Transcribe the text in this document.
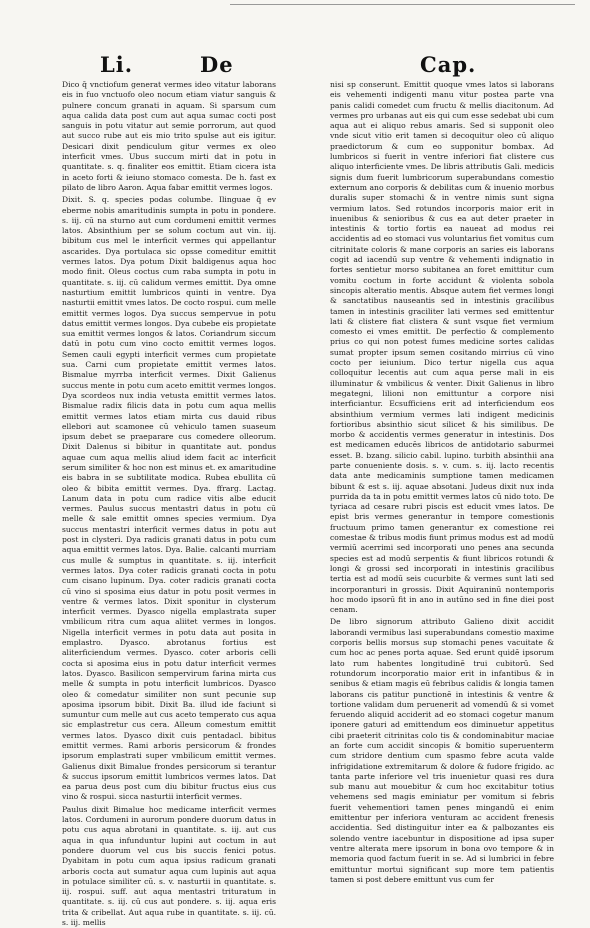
Li.	De	Cap.

Dico q̄ vnctiofum generat vermes ideo vitatur laborans eis in fuo vnctuofo oleo nocum etiam viatur sanguis & pulnere concum granati in aquam. Si sparsum cum aqua calida data post cum aut aqua sumac cocti post sanguis in potu vitatur aut semie porrorum, aut quod aut succo rube aut eis mio trito spulse aut eis igitur. Desicari dixit pendiculum gitur vermes ex oleo interficit vmes. Ubus succum mirti dat in potu in quantitate. s. q. finaliter eos emittit. Etiam cicera ista in aceto forti & ieiuno stomaco comesta. De h. fast ex pilato de libro Aaron. Aqua fabar emittit vermes logos.

Dixit. S. q. species podas columbe. Ilinguae q̄ ev eberme nobis amaritudinis sumpta in potu in pondere. s. iij. cū na sturno aut cum cordumeni emittit vermes latos. Absinthium per se solum coctum aut vin. iij. bibitum cus mel le interficit vermes qui appellantur ascarides. Dya portulaca sic opsse comeditur emittit vermes latos. Dya potum Dixit baldigenus aqua hoc modo finit. Oleus coctus cum raba sumpta in potu in quantitate. s. iij. cū calidum vermes emittit. Dya omne nasturtium emittit lumbricos quinti in ventre. Dya nasturtii emittit vmes latos. De cocto rospui. cum melle emittit vermes logos. Dya succus sempervue in potu datus emittit vermes longos. Dya cubebe eis propietate sua emittit vermes longos & latos. Coriandrum siccum datū in potu cum vino cocto emittit vermes logos. Semen cauli egypti interficit vermes cum propietate sua. Carni cum propietate emittit vermes latos. Bismalue myrrba interficit vermes. Dixit Galienus succus mente in potu cum aceto emittit vermes longos. Dya scordeos nux india vetusta emittit vermes latos. Bismalue radix filicis data in potu cum aqua mellis emittit vermes latos etiam mirta cus dauid ribus ellebori aut scamonee cū vehiculo tamen suaseum ipsum debet se praeparare cus comedere olleorum. Dixit Dalenus si bibitur in quantitate aut. pondus aquae cum aqua mellis aliud idem facit ac interficit serum similiter & hoc non est minus et. ex amaritudine eis babra in se subtilitate modica. Rubea ebullita cū oleo & bibita emittit vermes. Dya. ffrarg. Lactag. Lanum data in potu cum radice vitis albe educit vermes. Paulus succus mentastri datus in potu cū melle & sale emittit omnes species vermium. Dya succus mentastri interficit vermes datus in potu aut post in clysteri. Dya radicis granati datus in potu cum aqua emittit vermes latos. Dya. Balie. calcanti murriam cus mulle & sumptus in quantitate. s. iij. interficit vermes latos. Dya coter radicis granati cocta in potu cum cisano lupinum. Dya. coter radicis granati cocta cū vino si sposima eius datur in potu posit vermes in ventre & vermes latos. Dixit sponitur in clysterum interficit vermes. Dyasco nigella emplastrata super vmbilicum ritra cum aqua aliitet vermes in longos. Nigella interficit vermes in potu data aut posita in emplastro. Dyasco. abrotanus fortius est aliterficiendum vermes. Dyasco. coter arboris celli cocta si aposima eius in potu datur interficit vermes latos. Dyasco. Basilicon sempervirum farina mirta cus melle & sumpta in potu interficit lumbricos. Dyasco oleo & comedatur similiter non sunt pecunie sup aposima ipsorum bibit. Dixit Ba. illud ide faciunt si sumuntur cum melle aut cus aceto temperato cus aqua sic emplastretur cus cera. Alleum comestum emittit vermes latos. Dyasco dixit cuis pentadacl. bibitus emittit vermes. Rami arboris persicorum & frondes ipsorum emplastrati super vmbilicum emittit vermes. Galienus dixit Bimalue frondes persicorum si terantur & succus ipsorum emittit lumbricos vermes latos. Dat ea parua deus post cum diu bibitur fructus eius cus vino & rospui. sicca nasturtii interficit vermes.

Paulus dixit Bimalue hoc medicame interficit vermes latos. Cordumeni in aurorum pondere duorum datus in potu cus aqua abrotani in quantitate. s. iij. aut cus aqua in qua infunduntur lupini aut coctum in aut pondere duorum vel cus bis succis fenici potus. Dyabitam in potu cum aqua ipsius radicum granati arboris cocta aut sumatur aqua cum lupinis aut aqua in potulace similiter cū. s. v. nasturtii in quantitate. s. iij. rospui. suff. aut aqua mentastri trituratum in quantitate. s. iij. cū cus aut pondere. s. iij. aqua eris trita & cribellat. Aut aqua rube in quantitate. s. iij. cū. s. iij. mellis

nisi sp conserunt. Emittit quoque vmes latos si laborans eis vehementi indigenti manu vitur postea parte vna panis calidi comedet cum fructu & mellis diacitonum. Ad vermes pro urbanas aut eis qui cum esse sedebat ubi cum aqua aut ei aliquo rebus amaris. Sed si supponit oleo vnde sicut vitio erit tamen si decoquitur oleo cū aliquo praedictorum & cum eo supponitur bombax. Ad lumbricos si fuerit in ventre inferiori fiat clistere cus aliquo interficiente vmes. De libris attributis Gali. medicis signis dum fuerit lumbricorum superabundans comestio externum ano corporis & debilitas cum & inuenio morbus duralis super stomachi & in ventre nimis sunt signa vermium latos. Sed rotundos incorporis maior erit in inuenibus & senioribus & cus ea aut deter praeter in intestinis & tortio fortis ea naueat ad modus rei accidentis ad eo stomaci vus voluntarius fiet vomitus cum citrinitate coloris & mane corporis an saries eis laborans cogit ad iacendū sup ventre & vehementi indignatio in fortes sentietur morso subitanea an foret emittitur cum vomitu coctum in forte accidunt & violenta sobola sincopis alteratio mentis. Absque autem fiet vermes longi & sanctatibus nauseantis sed in intestinis gracilibus tamen in intestinis graciliter lati vermes sed emittentur lati & clistere fiat clistera & sunt vsque fiet vermium comesto ei vmes emittit. De perfectio & complemento prius co qui non potest fumes medicine sortes calidas sumat propter ipsum semen cositando mirrius cū vino cocto per ieiunium. Dico tertur nigella cus aqua colloquitur lecentis aut cum aqua perse mali in eis illuminatur & vmbilicus & venter. Dixit Galienus in libro megategni, lilioni non emittuntur a corpore nisi interficiantur. Ecsufficiens erit ad interficiendum eos absinthium vermium vermes lati indigent medicinis fortioribus absinthio sicut silicet & his similibus. De morbo & accidentis vermes generatur in intestinis. Dos est medicamen educēs libricos de antidotario saburmei esset. B. bzang. silicio cabil. lupino. turbith absinthii ana parte conueniente dosis. s. v. cum. s. iij. lacto recentis data ante medicaminis sumptione tamen medicamen bibunt & est s. iij. aquae absotani. Judeus dixit nux inda purrida da ta in potu emittit vermes latos cū nido toto. De tyriaca ad cesare rubri piscis est educit vmes latos. De epist bris vermes generantur in tempore comestionis fructuum primo tamen generantur ex comestione rei comestae & tribus modis fiunt primus modus est ad modū vermiū acerrimi sed incorporati uno penes ana secunda species est ad modū serpentis & fiunt libricos rotundi & longi & grossi sed incorporati in intestinis gracilibus tertia est ad modū seis cucurbite & vermes sunt lati sed incorporanturi in grossis. Dixit Aquiraninū nontemporis hoc modo ipsorū fit in ano in autūno sed in fine diei post cenam.

De libro signorum attributo Galieno dixit accidit laborandi vermibus lasi superabundans comestio maxime corporis bellis morsus sup stomachi penes vacuitate & cum hoc ac penes porta aquae. Sed erunt quidē ipsorum lato rum habentes longitudinē trui cubitorū. Sed rotundorum incorporatio maior erit in infantibus & in senibus & etiam magis eū febribus calidis & longia tamen laborans cis patitur punctionē in intestinis & ventre & tortione validam dum peruenerit ad vomendū & si vomet feruendo aliquid acciderit ad eo stomaci cogetur manum iponere gaturi ad emittendum eos diminuetur appetitus cibi praeterit citrinitas colo tis & condominabitur maciae an forte cum accidit sincopis & bomitio superuenterm cum stridore dentium cum spasmo febre acuta valde infrigidatione extremitarum & dolore & fudore frigido. ac tanta parte inferiore vel tris inuenietur quasi res dura sub manu aut mouebitur & cum hoc excitabitur totius vehemens sed magis eminiatur per vomitum si febris fuerit vehementiori tamen penes mingandū ei enim emittentur per inferiora venturam ac accident frenesis accidentia. Sed distinguitur inter ea & palbozantes eis solendo ventre iacebuntur in dispositione ad ipsa super ventre alterata mere ipsorum in bona ovo tempore & in memoria quod factum fuerit in se. Ad si lumbrici in febre emittuntur mortui significant sup more tem patientis tamen si post debere emittunt vus cum fer
